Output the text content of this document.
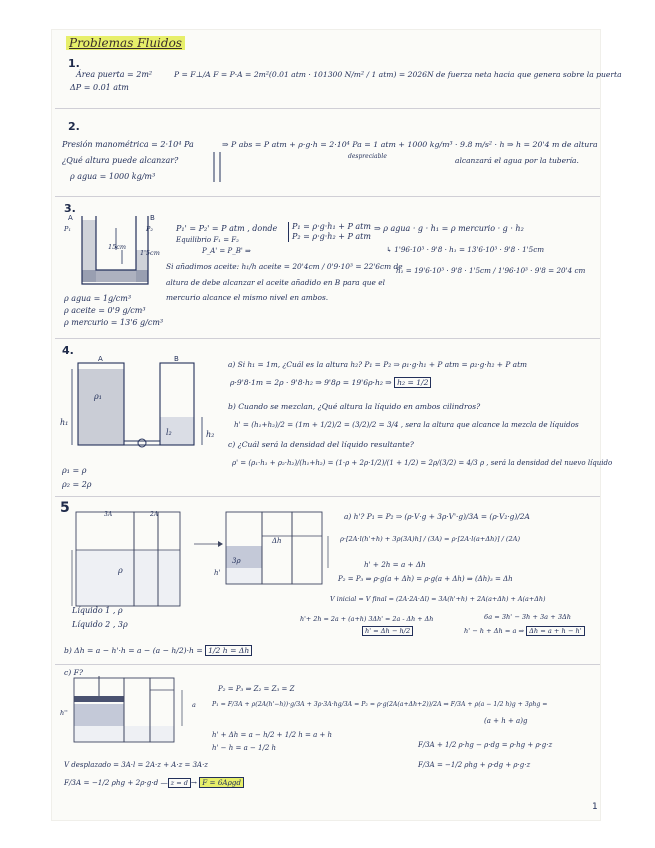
Problemas Fluidos
1.
Área puerta = 2m²
ΔP = 0.01 atm
P = F⊥/A F = P·A = 2m²(0.01 atm · 101300 N/m² / 1 atm) = 2026N de fuerza neta hacia que genera sobre la puerta
2.
Presión manométrica = 2·10⁴ Pa
¿Qué altura puede alcanzar?
ρ agua = 1000 kg/m³
⇒ P abs = P atm + ρ·g·h = 2·10⁴ Pa = 1 atm + 1000 kg/m³ · 9.8 m/s² · h ⇒ h = 20'4 m de altura
despreciable	alcanzará el agua por la tubería.
3.
A	B
P₁	P₂
15cm
1'5cm
P₁' = P₂' = P atm , donde
Equilibrio F₁ = F₂
P_A' = P_B' ⇒
P₁ = ρ·g·h₁ + P atm
P₂ = ρ·g·h₂ + P atm
⇒ ρ agua · g · h₁ = ρ mercurio · g · h₂
↳ 1'96·10³ · 9'8 · h₁ = 13'6·10³ · 9'8 · 1'5cm
h₁ = 19'6·10³ · 9'8 · 1'5cm / 1'96·10³ · 9'8 = 20'4 cm
Si añadimos aceite: h₁/h aceite = 20'4cm / 0'9·10³ = 22'6cm de
altura de debe alcanzar el aceite añadido en B para que el
mercurio alcance el mismo nivel en ambos.
ρ agua = 1g/cm³
ρ aceite = 0'9 g/cm³
ρ mercurio = 13'6 g/cm³
4.
A	B
ρ₁
h₁
l₂	h₂
ρ₁ = ρ
ρ₂ = 2ρ
a) Si h₁ = 1m, ¿Cuál es la altura h₂? P₁ = P₂ ⇒ ρ₁·g·h₁ + P atm = ρ₂·g·h₂ + P atm
ρ·9'8·1m = 2ρ · 9'8·h₂ ⇒ 9'8ρ = 19'6ρ·h₂ ⇒ h₂ = 1/2
b) Cuando se mezclan, ¿Qué altura la líquido en ambos cilindros?
h' = (h₁+h₂)/2 = (1m + 1/2)/2 = (3/2)/2 = 3/4 , sera la altura que alcance la mezcla de líquidos
c) ¿Cuál será la densidad del líquido resultante?
ρ' = (ρ₁·h₁ + ρ₂·h₂)/(h₁+h₂) = (1·ρ + 2ρ·1/2)/(1 + 1/2) = 2ρ/(3/2) = 4/3 ρ , será la densidad del nuevo líquido
5	3A	2A
ρ
3ρ
h'
Δh
Líquido 1 , ρ
Líquido 2 , 3ρ
a) h'? P₁ = P₂ ⇒ (ρ·V·g + 3ρ·V'·g)/3A = (ρ·V₂·g)/2A
ρ·[2A·l(h'+h) + 3ρ(3A)h] / (3A) = ρ·[2A·l(a+Δh)] / (2A)
h' + 2h = a + Δh
P₂ = P₃ ⇒ ρ·g(a + Δh) = ρ·g(a + Δh) ⇒ (Δh)₃ = Δh
V inicial = V final = (2A·2A·Δl) = 3A(h'+h) + 2A(a+Δh) + A(a+Δh)
h'+ 2h = 2a + (a+h) 3Δh' = 2a - Δh + Δh
h' = Δh − h/2
6a = 3h' − 3h + 3a + 3Δh
h' − h + Δh = a ⇒ Δh = a + h − h'
b) Δh = a − h'·h = a − (a − h/2)·h = 1/2 h = Δh
h''
a
c) F?
P₂ = P₃ ⇒ Z₂ = Z₃ = Z
P₁ = F/3A + ρ(2A(h'−h))·g/3A + 3ρ·3A·hg/3A = P₂ = ρ·g(2A(a+Δh+2))/2A ⇒ F/3A + ρ(a − 1/2 h)g + 3ρhg =
h' + Δh = a − h/2 + 1/2 h = a + h
h' − h = a − 1/2 h
(a + h + a)g
F/3A + 1/2 ρ·hg − ρ·dg = ρ·hg + ρ·g·z
F/3A = −1/2 ρhg + ρ·dg + ρ·g·z
V desplazado = 3A·l = 2A·z + A·z = 3A·z
F/3A = −1/2 ρhg + 2ρ·g·d — z = d → F = 6Aρgd
1
